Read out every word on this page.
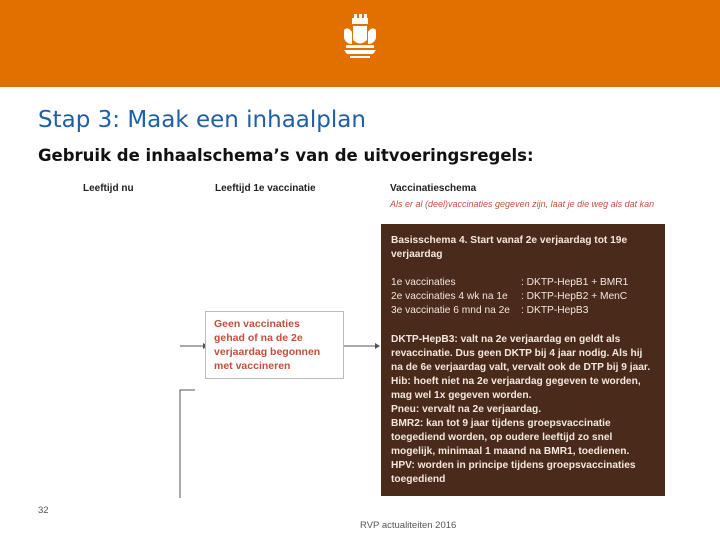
Stap 3: Maak een inhaalplan
Gebruik de inhaalschema’s van de uitvoeringsregels:
Leeftijd nu	Leeftijd 1e vaccinatie	Vaccinatieschema
Als er al (deel)vaccinaties gegeven zijn, laat je die weg als dat kan
Geen vaccinaties
gehad of na de 2e
verjaardag begonnen
met vaccineren
Basisschema 4. Start vanaf 2e verjaardag tot 19e
verjaardag
1e vaccinaties	: DKTP-HepB1 + BMR1
2e vaccinaties 4 wk na 1e : DKTP-HepB2 + MenC
3e vaccinatie 6 mnd na 2e : DKTP-HepB3
DKTP-HepB3: valt na 2e verjaardag en geldt als
revaccinatie. Dus geen DKTP bij 4 jaar nodig. Als hij
na de 6e verjaardag valt, vervalt ook de DTP bij 9 jaar.
Hib: hoeft niet na 2e verjaardag gegeven te worden,
mag wel 1x gegeven worden.
Pneu: vervalt na 2e verjaardag.
BMR2: kan tot 9 jaar tijdens groepsvaccinatie
toegediend worden, op oudere leeftijd zo snel
mogelijk, minimaal 1 maand na BMR1, toedienen.
HPV: worden in principe tijdens groepsvaccinaties
toegediend
32
RVP actualiteiten 2016
